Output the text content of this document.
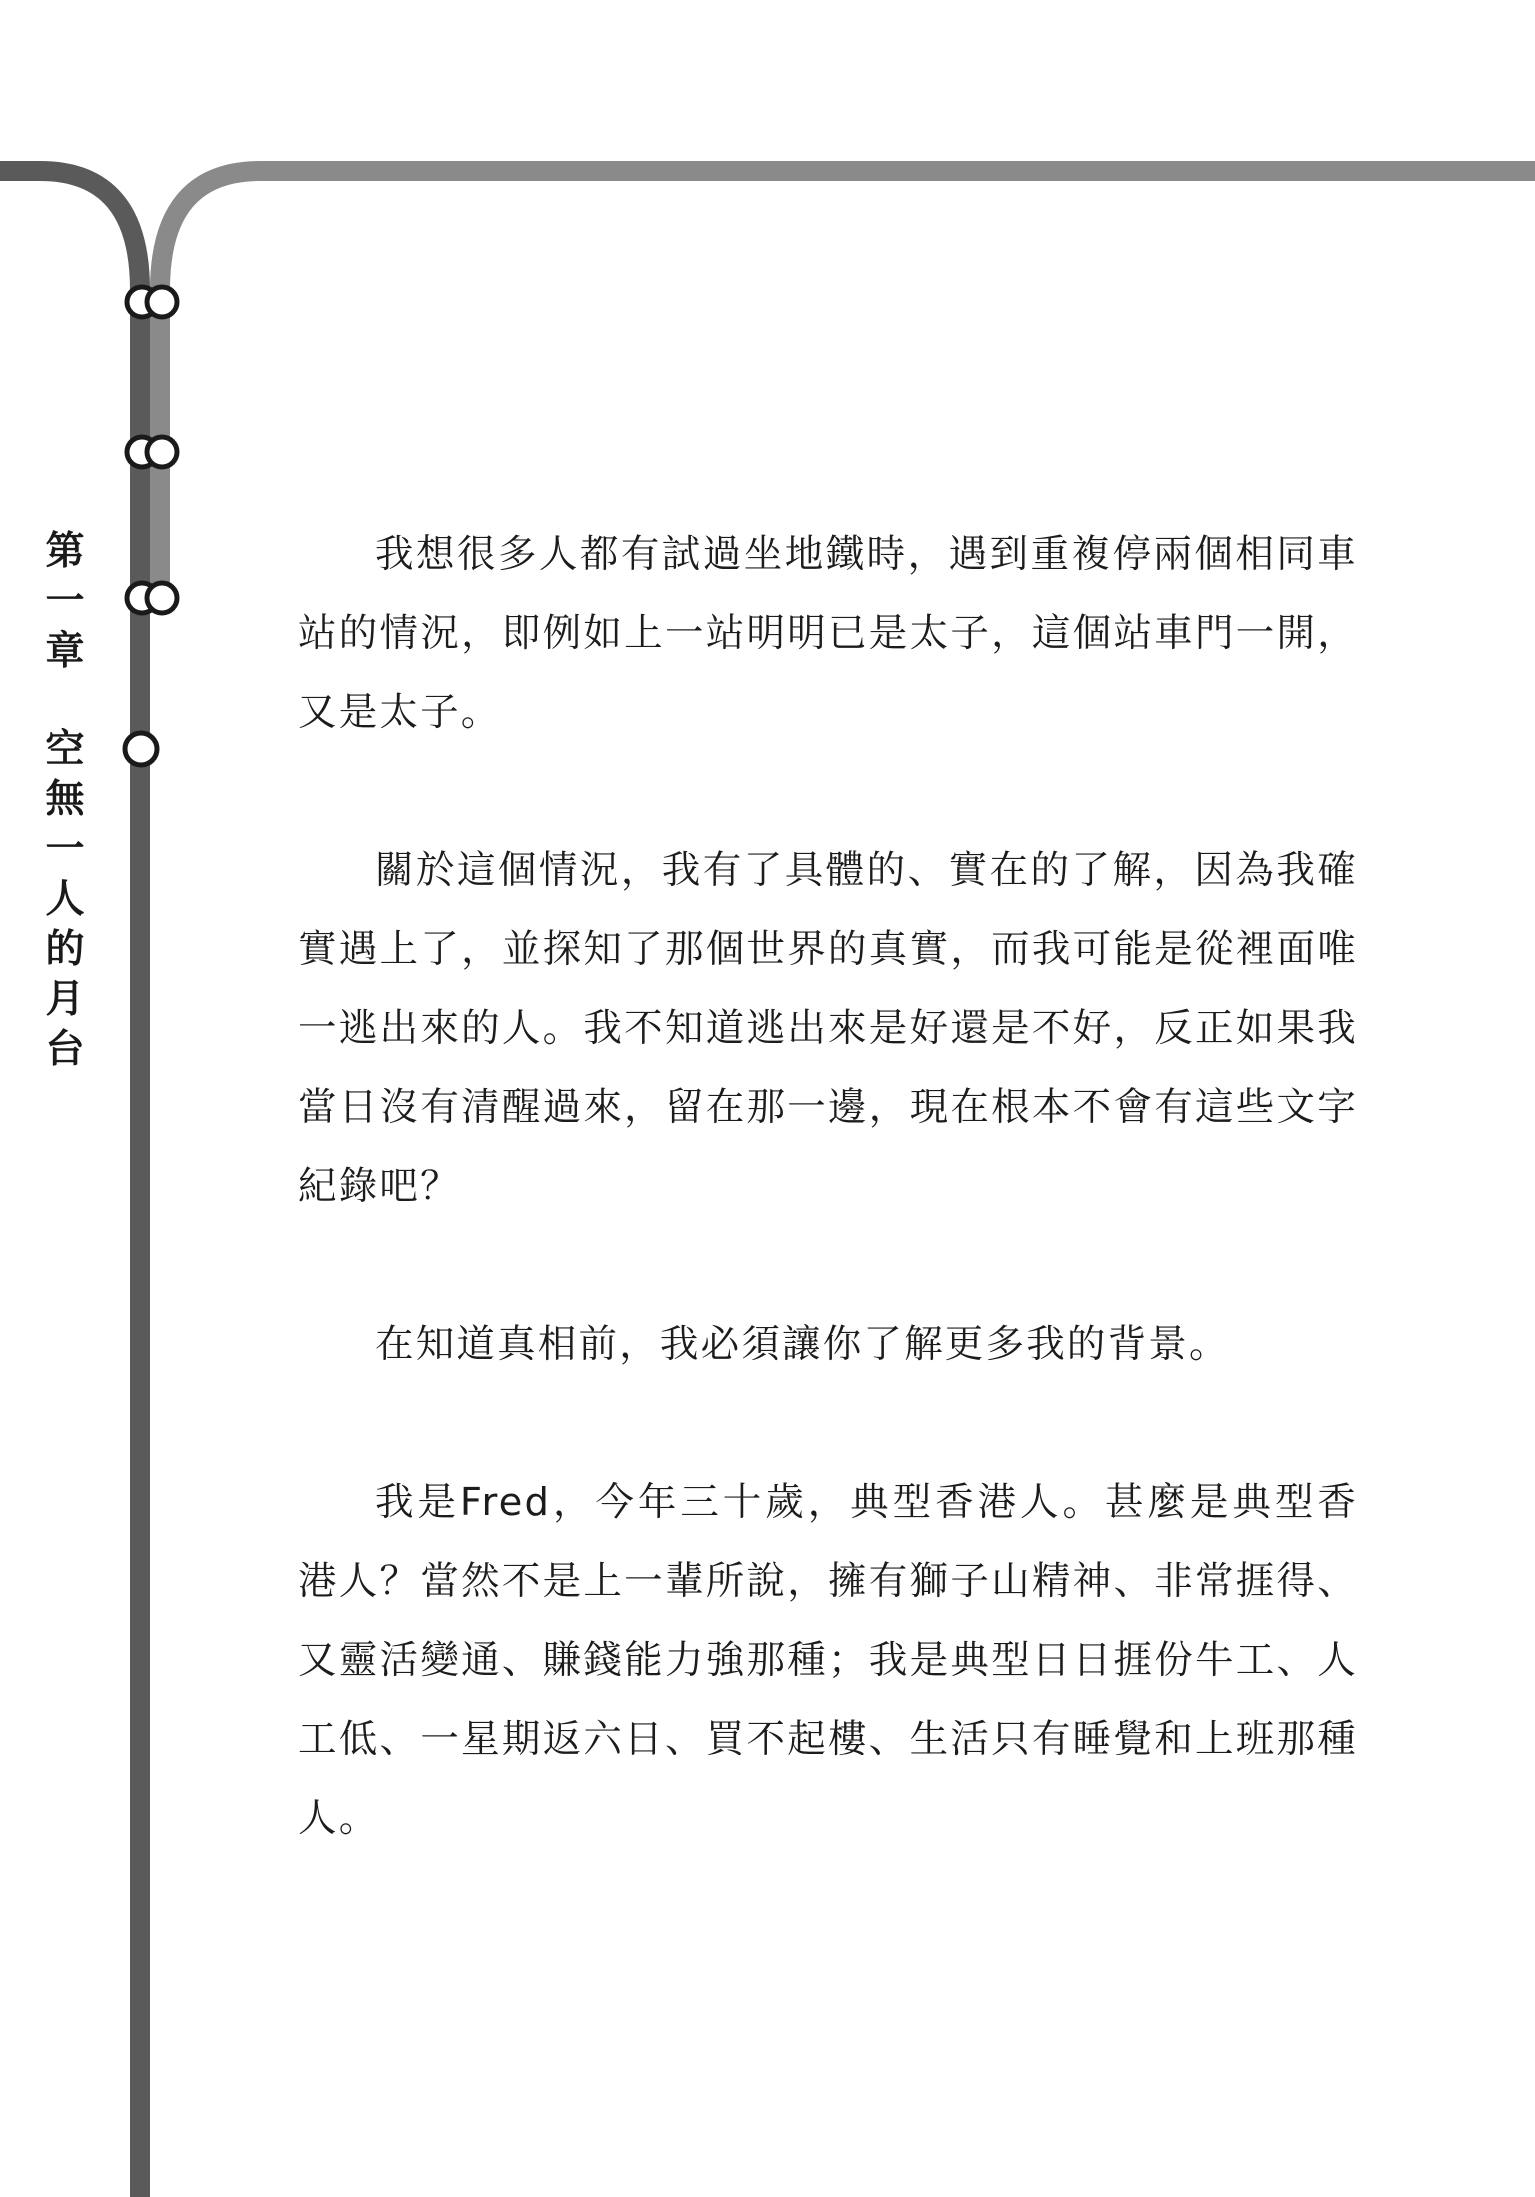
第
一
章
空
無
一
人
的
月
台

我想很多人都有試過坐地鐵時，遇到重複停兩個相同車站的情況，即例如上一站明明已是太子，這個站車門一開，又是太子。

關於這個情況，我有了具體的、實在的了解，因為我確實遇上了，並探知了那個世界的真實，而我可能是從裡面唯一逃出來的人。我不知道逃出來是好還是不好，反正如果我當日沒有清醒過來，留在那一邊，現在根本不會有這些文字紀錄吧？

在知道真相前，我必須讓你了解更多我的背景。

我是Fred，今年三十歲，典型香港人。甚麼是典型香港人？當然不是上一輩所說，擁有獅子山精神、非常捱得、又靈活變通、賺錢能力強那種；我是典型日日捱份牛工、人工低、一星期返六日、買不起樓、生活只有睡覺和上班那種人。
